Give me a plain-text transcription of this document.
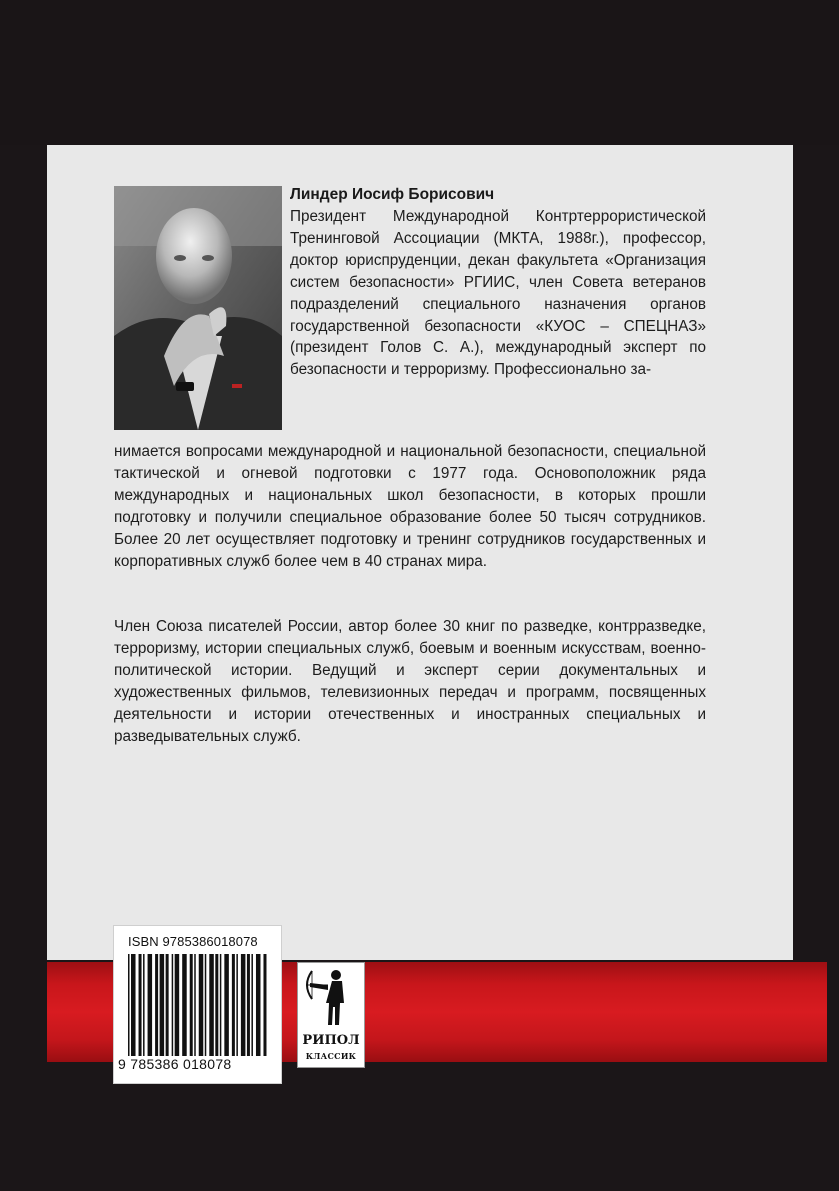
Линдер Иосиф Борисович

Президент Международной Контртеррористической Тренинговой Ассоциации (МКТА, 1988г.), профессор, доктор юриспруденции, декан факультета «Организация систем безопасности» РГИИС, член Совета ветеранов подразделений специального назначения органов государственной безопасности «КУОС – СПЕЦНАЗ» (президент Голов С. А.), международный эксперт по безопасности и терроризму. Профессионально за-

нимается вопросами международной и национальной безопасности, специальной тактической и огневой подготовки с 1977 года. Основоположник ряда международных и национальных школ безопасности, в которых прошли подготовку и получили специальное образование более 50 тысяч сотрудников. Более 20 лет осуществляет подготовку и тренинг сотрудников государственных и корпоративных служб более чем в 40 странах мира.

Член Союза писателей России, автор более 30 книг по разведке, контрразведке, терроризму, истории специальных служб, боевым и военным искусствам, военно-политической истории. Ведущий и эксперт серии документальных и художественных фильмов, телевизионных передач и программ, посвященных деятельности и истории отечественных и иностранных специальных и разведывательных служб.

ISBN 9785386018078
9 785386 018078
РИПОЛ
КЛАССИК
